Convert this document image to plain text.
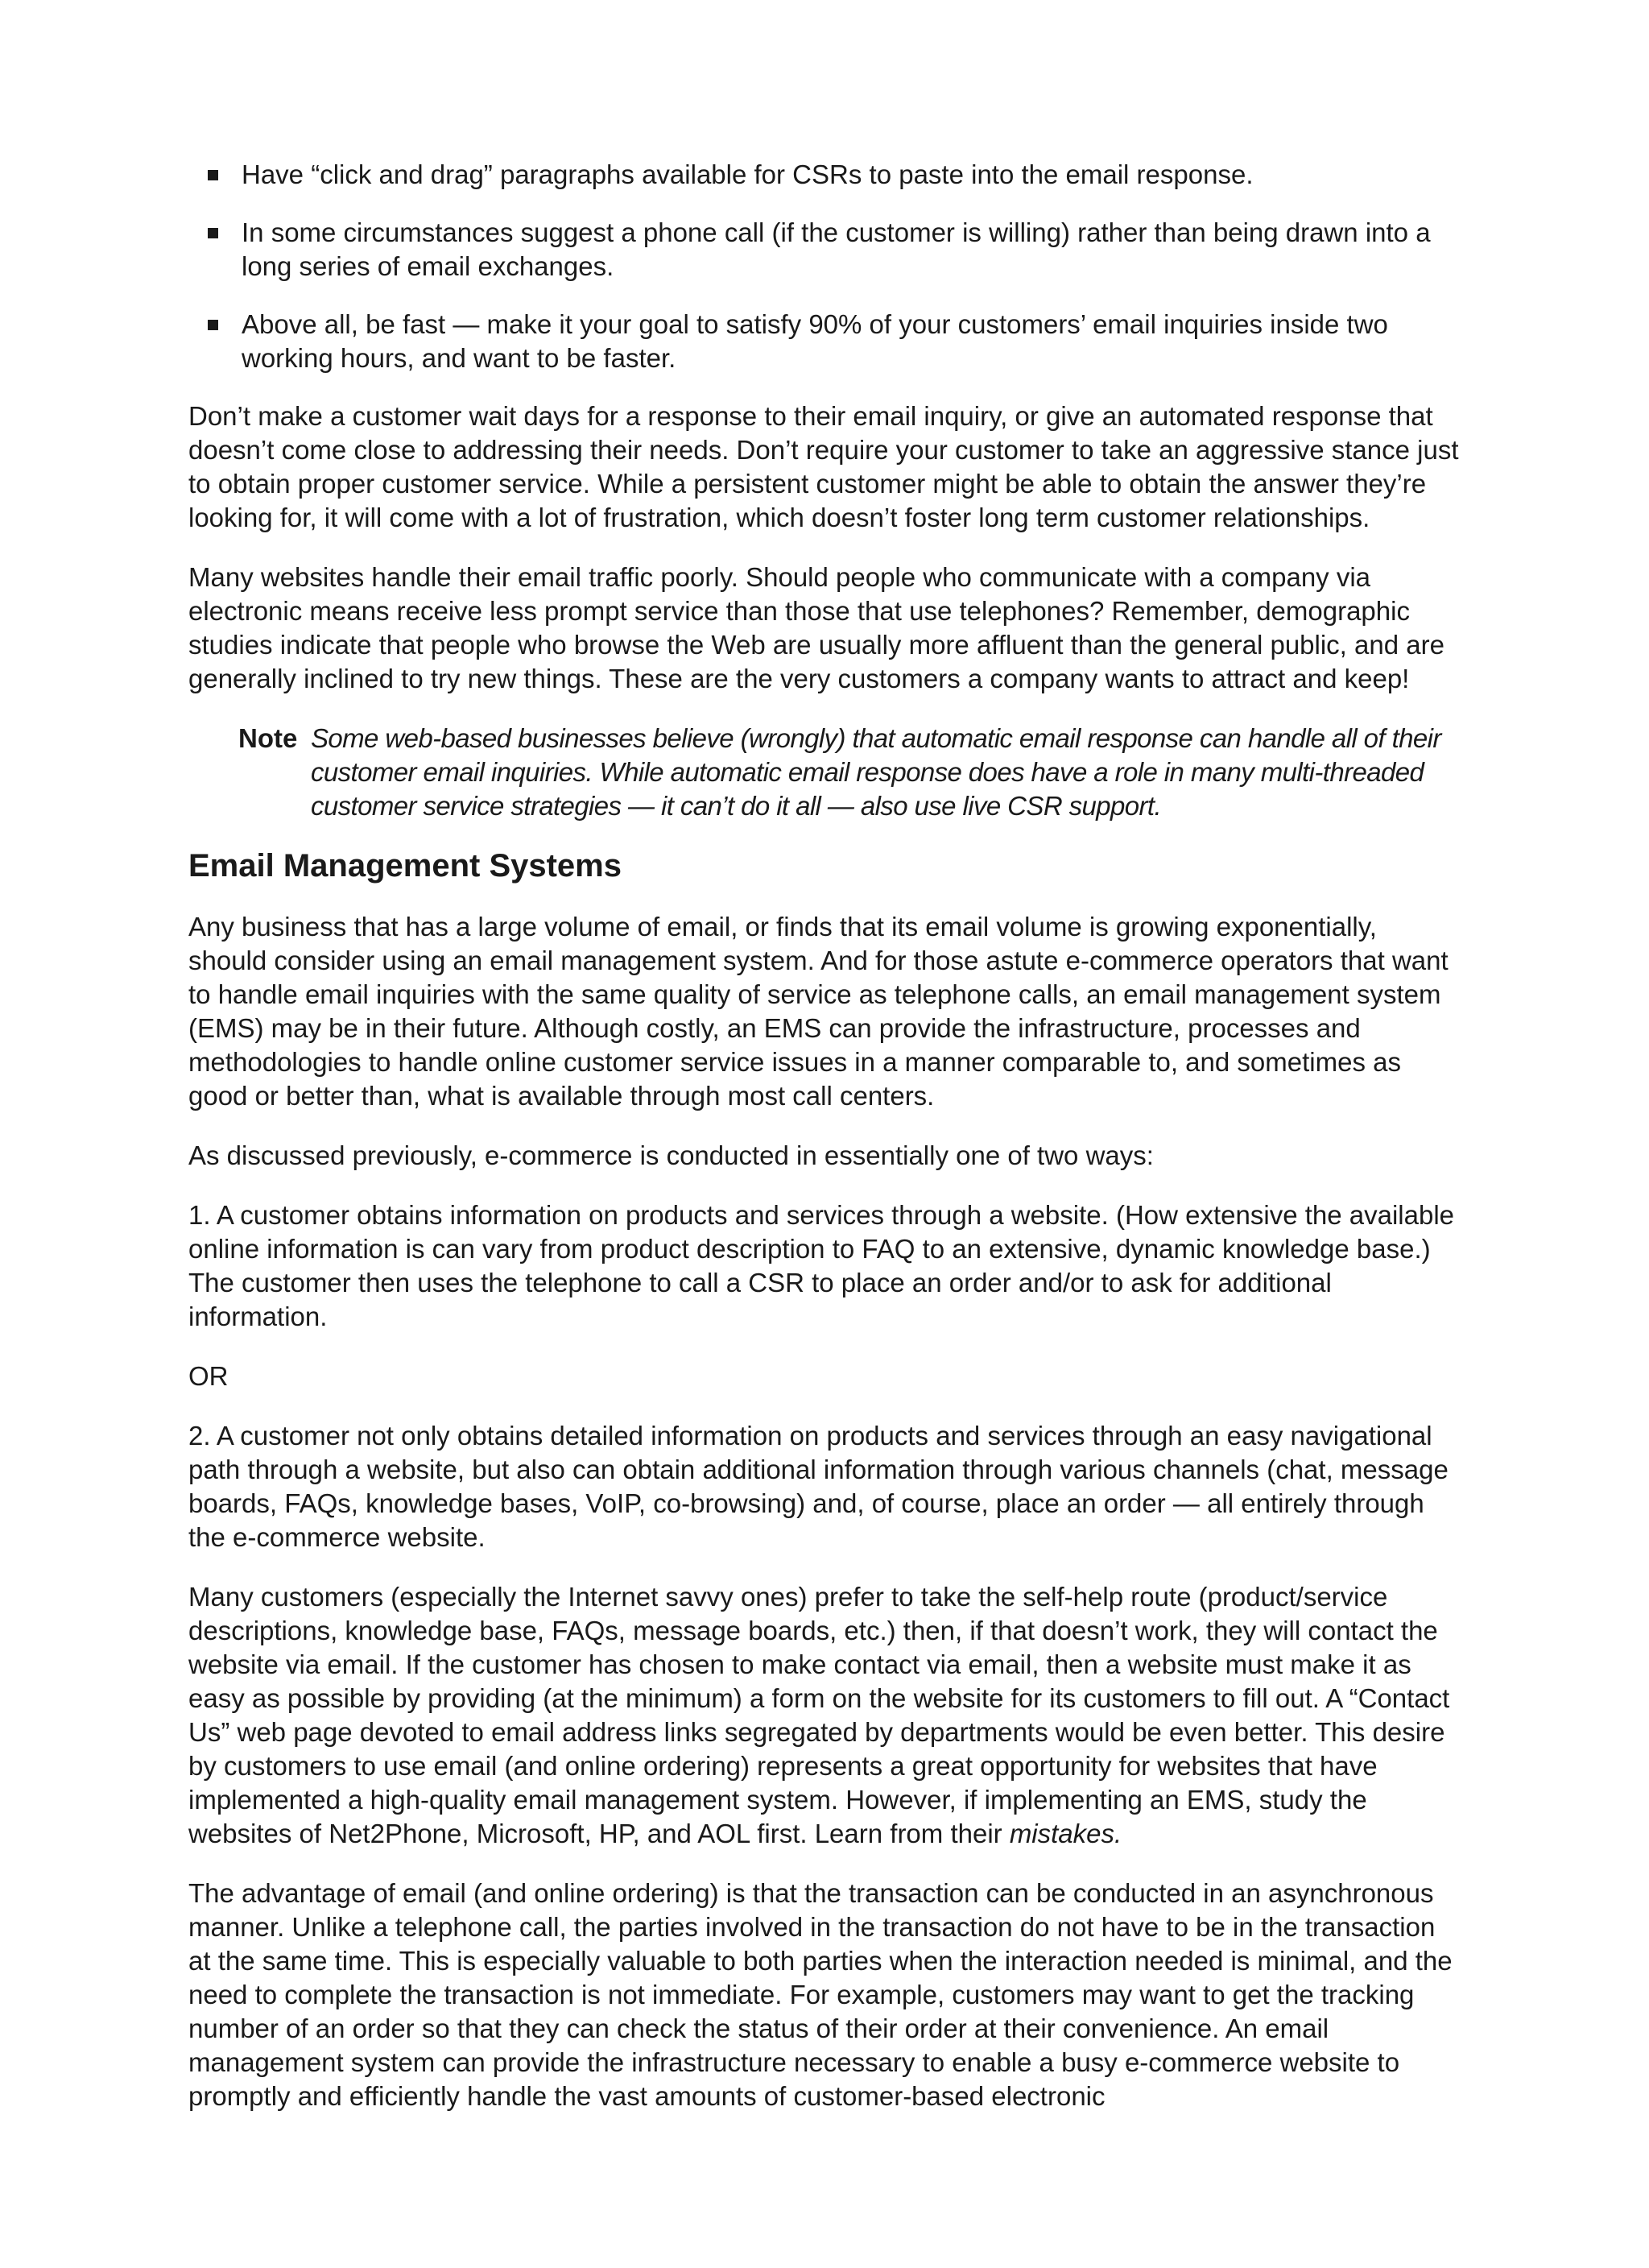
Have “click and drag” paragraphs available for CSRs to paste into the email response.
In some circumstances suggest a phone call (if the customer is willing) rather than being drawn into a long series of email exchanges.
Above all, be fast — make it your goal to satisfy 90% of your customers’ email inquiries inside two working hours, and want to be faster.

Don’t make a customer wait days for a response to their email inquiry, or give an automated response that doesn’t come close to addressing their needs. Don’t require your customer to take an aggressive stance just to obtain proper customer service. While a persistent customer might be able to obtain the answer they’re looking for, it will come with a lot of frustration, which doesn’t foster long term customer relationships.

Many websites handle their email traffic poorly. Should people who communicate with a company via electronic means receive less prompt service than those that use telephones? Remember, demographic studies indicate that people who browse the Web are usually more affluent than the general public, and are generally inclined to try new things. These are the very customers a company wants to attract and keep!

Note Some web-based businesses believe (wrongly) that automatic email response can handle all of their customer email inquiries. While automatic email response does have a role in many multi-threaded customer service strategies — it can’t do it all — also use live CSR support.
Email Management Systems

Any business that has a large volume of email, or finds that its email volume is growing exponentially, should consider using an email management system. And for those astute e-commerce operators that want to handle email inquiries with the same quality of service as telephone calls, an email management system (EMS) may be in their future. Although costly, an EMS can provide the infrastructure, processes and methodologies to handle online customer service issues in a manner comparable to, and sometimes as good or better than, what is available through most call centers.

As discussed previously, e-commerce is conducted in essentially one of two ways:

1. A customer obtains information on products and services through a website. (How extensive the available online information is can vary from product description to FAQ to an extensive, dynamic knowledge base.) The customer then uses the telephone to call a CSR to place an order and/or to ask for additional information.

OR

2. A customer not only obtains detailed information on products and services through an easy navigational path through a website, but also can obtain additional information through various channels (chat, message boards, FAQs, knowledge bases, VoIP, co-browsing) and, of course, place an order — all entirely through the e-commerce website.

Many customers (especially the Internet savvy ones) prefer to take the self-help route (product/service descriptions, knowledge base, FAQs, message boards, etc.) then, if that doesn’t work, they will contact the website via email. If the customer has chosen to make contact via email, then a website must make it as easy as possible by providing (at the minimum) a form on the website for its customers to fill out. A “Contact Us” web page devoted to email address links segregated by departments would be even better. This desire by customers to use email (and online ordering) represents a great opportunity for websites that have implemented a high-quality email management system. However, if implementing an EMS, study the websites of Net2Phone, Microsoft, HP, and AOL first. Learn from their mistakes.

The advantage of email (and online ordering) is that the transaction can be conducted in an asynchronous manner. Unlike a telephone call, the parties involved in the transaction do not have to be in the transaction at the same time. This is especially valuable to both parties when the interaction needed is minimal, and the need to complete the transaction is not immediate. For example, customers may want to get the tracking number of an order so that they can check the status of their order at their convenience. An email management system can provide the infrastructure necessary to enable a busy e-commerce website to promptly and efficiently handle the vast amounts of customer-based electronic
